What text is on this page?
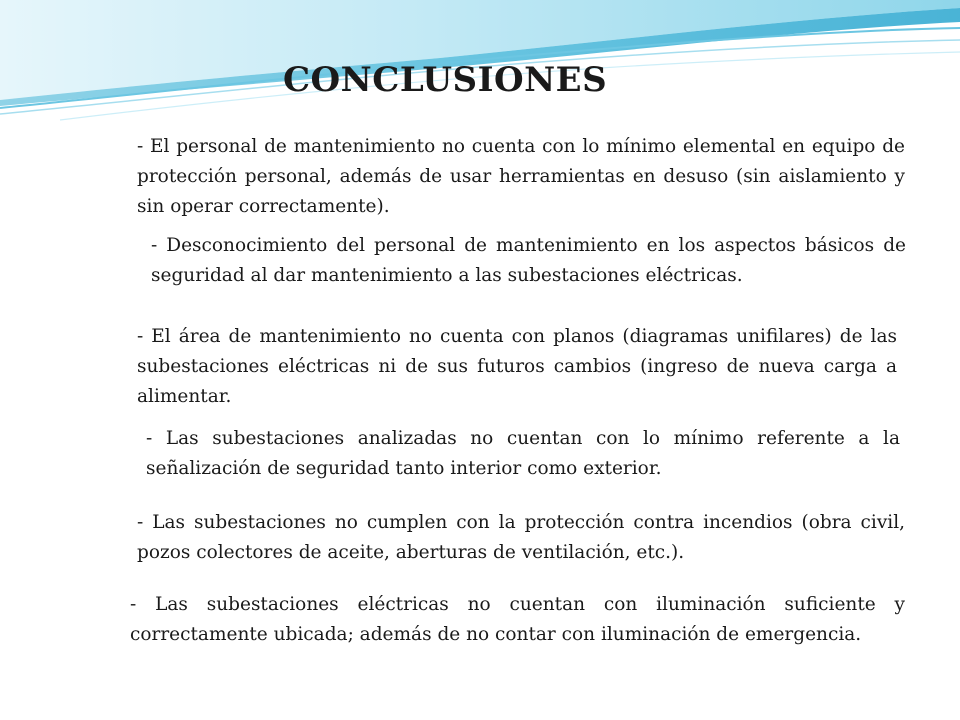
CONCLUSIONES

- El personal de mantenimiento no cuenta con lo mínimo elemental en equipo de protección personal, además de usar herramientas en desuso (sin aislamiento y sin operar correctamente).

- Desconocimiento del personal de mantenimiento en los aspectos básicos de seguridad al dar mantenimiento a las subestaciones eléctricas.

- El área de mantenimiento no cuenta con planos (diagramas unifilares) de las subestaciones eléctricas ni de sus futuros cambios (ingreso de nueva carga a alimentar.

- Las subestaciones analizadas no cuentan con lo mínimo referente a la señalización de seguridad tanto interior como exterior.

- Las subestaciones no cumplen con la protección contra incendios (obra civil, pozos colectores de aceite, aberturas de ventilación, etc.).

- Las subestaciones eléctricas no cuentan con iluminación suficiente y correctamente ubicada; además de no contar con iluminación de emergencia.
